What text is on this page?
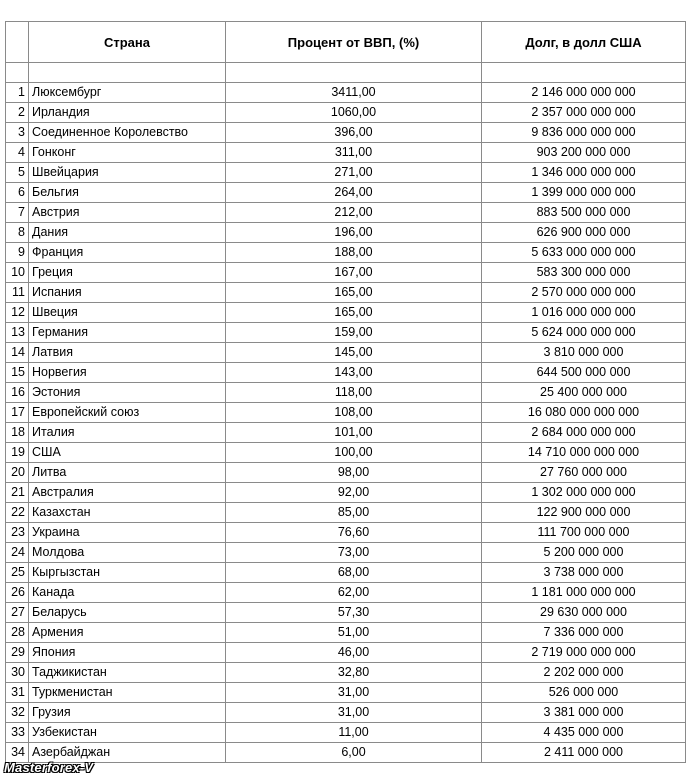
	Страна	Процент от ВВП, (%)	Долг, в долл США

1	Люксембург	3411,00	2 146 000 000 000
2	Ирландия	1060,00	2 357 000 000 000
3	Соединенное Королевство	396,00	9 836 000 000 000
4	Гонконг	311,00	903 200 000 000
5	Швейцария	271,00	1 346 000 000 000
6	Бельгия	264,00	1 399 000 000 000
7	Австрия	212,00	883 500 000 000
8	Дания	196,00	626 900 000 000
9	Франция	188,00	5 633 000 000 000
10	Греция	167,00	583 300 000 000
11	Испания	165,00	2 570 000 000 000
12	Швеция	165,00	1 016 000 000 000
13	Германия	159,00	5 624 000 000 000
14	Латвия	145,00	3 810 000 000
15	Норвегия	143,00	644 500 000 000
16	Эстония	118,00	25 400 000 000
17	Европейский союз	108,00	16 080 000 000 000
18	Италия	101,00	2 684 000 000 000
19	США	100,00	14 710 000 000 000
20	Литва	98,00	27 760 000 000
21	Австралия	92,00	1 302 000 000 000
22	Казахстан	85,00	122 900 000 000
23	Украина	76,60	111 700 000 000
24	Молдова	73,00	5 200 000 000
25	Кыргызстан	68,00	3 738 000 000
26	Канада	62,00	1 181 000 000 000
27	Беларусь	57,30	29 630 000 000
28	Армения	51,00	7 336 000 000
29	Япония	46,00	2 719 000 000 000
30	Таджикистан	32,80	2 202 000 000
31	Туркменистан	31,00	526 000 000
32	Грузия	31,00	3 381 000 000
33	Узбекистан	11,00	4 435 000 000
34	Азербайджан	6,00	2 411 000 000
Masterforex-V
